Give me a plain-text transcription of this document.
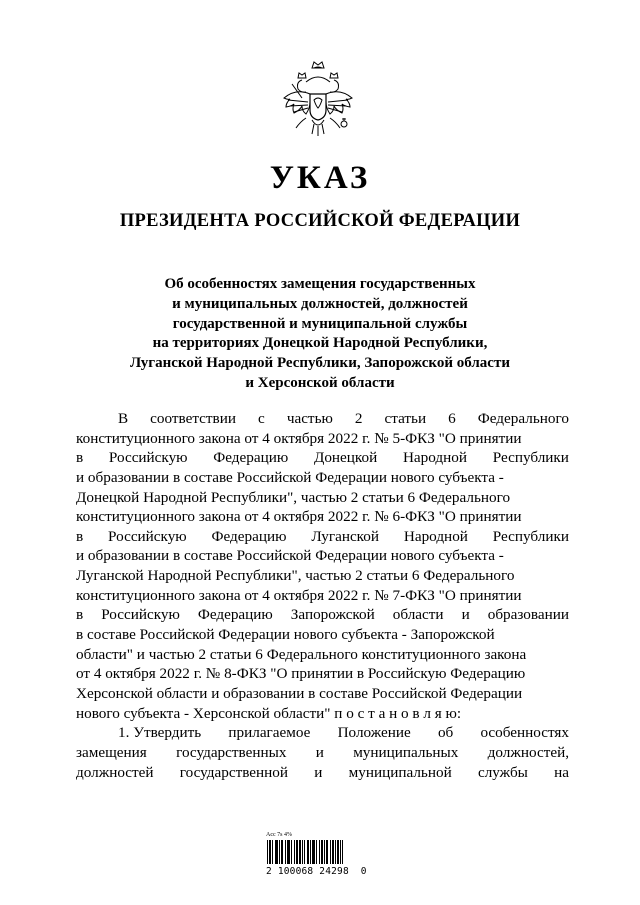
УКАЗ
ПРЕЗИДЕНТА РОССИЙСКОЙ ФЕДЕРАЦИИ
Об особенностях замещения государственных
и муниципальных должностей, должностей
государственной и муниципальной службы
на территориях Донецкой Народной Республики,
Луганской Народной Республики, Запорожской области
и Херсонской области
В соответствии с частью 2 статьи 6 Федерального
конституционного закона от 4 октября 2022 г. № 5-ФКЗ "О принятии
в Российскую Федерацию Донецкой Народной Республики
и образовании в составе Российской Федерации нового субъекта -
Донецкой Народной Республики", частью 2 статьи 6 Федерального
конституционного закона от 4 октября 2022 г. № 6-ФКЗ "О принятии
в Российскую Федерацию Луганской Народной Республики
и образовании в составе Российской Федерации нового субъекта -
Луганской Народной Республики", частью 2 статьи 6 Федерального
конституционного закона от 4 октября 2022 г. № 7-ФКЗ "О принятии
в Российскую Федерацию Запорожской области и образовании
в составе Российской Федерации нового субъекта - Запорожской
области" и частью 2 статьи 6 Федерального конституционного закона
от 4 октября 2022 г. № 8-ФКЗ "О принятии в Российскую Федерацию
Херсонской области и образовании в составе Российской Федерации
нового субъекта - Херсонской области" п о с т а н о в л я ю:
1. Утвердить прилагаемое Положение об особенностях
замещения государственных и муниципальных должностей,
должностей государственной и муниципальной службы на
Acc 7s 4%
2 100068 24298  0
